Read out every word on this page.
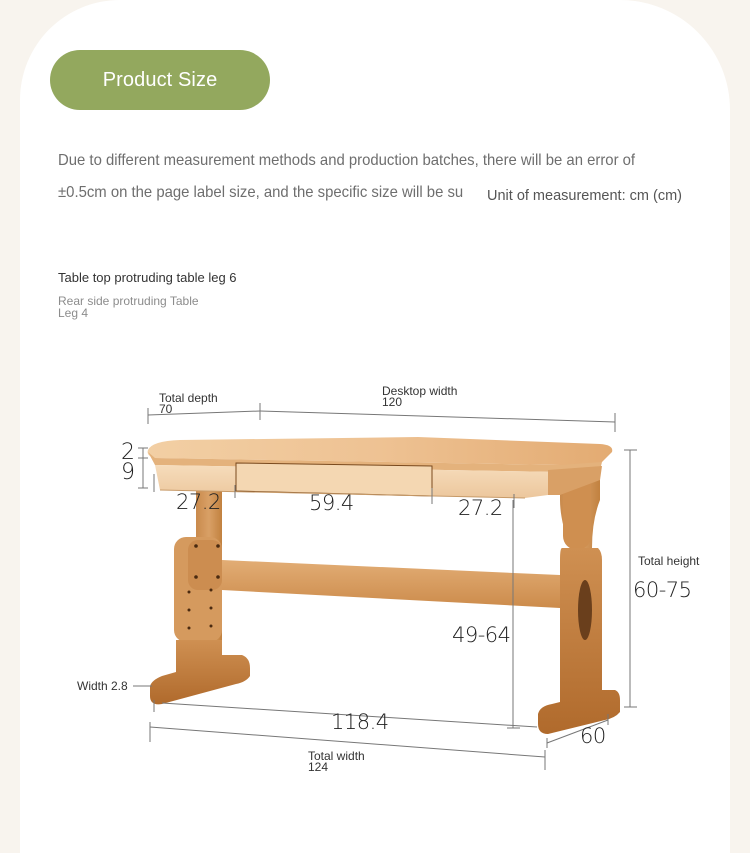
Product Size
Due to different measurement methods and production batches, there will be an error of
±0.5cm on the page label size, and the specific size will be su Unit of measurement: cm (cm)
Table top protruding table leg 6
Rear side protruding Table Leg 4
Total depth
70
Desktop width
120
2
9
27.2	59.4	27.2
49-64
Total height
60-75
Width 2.8
118.4
60
Total width
124
